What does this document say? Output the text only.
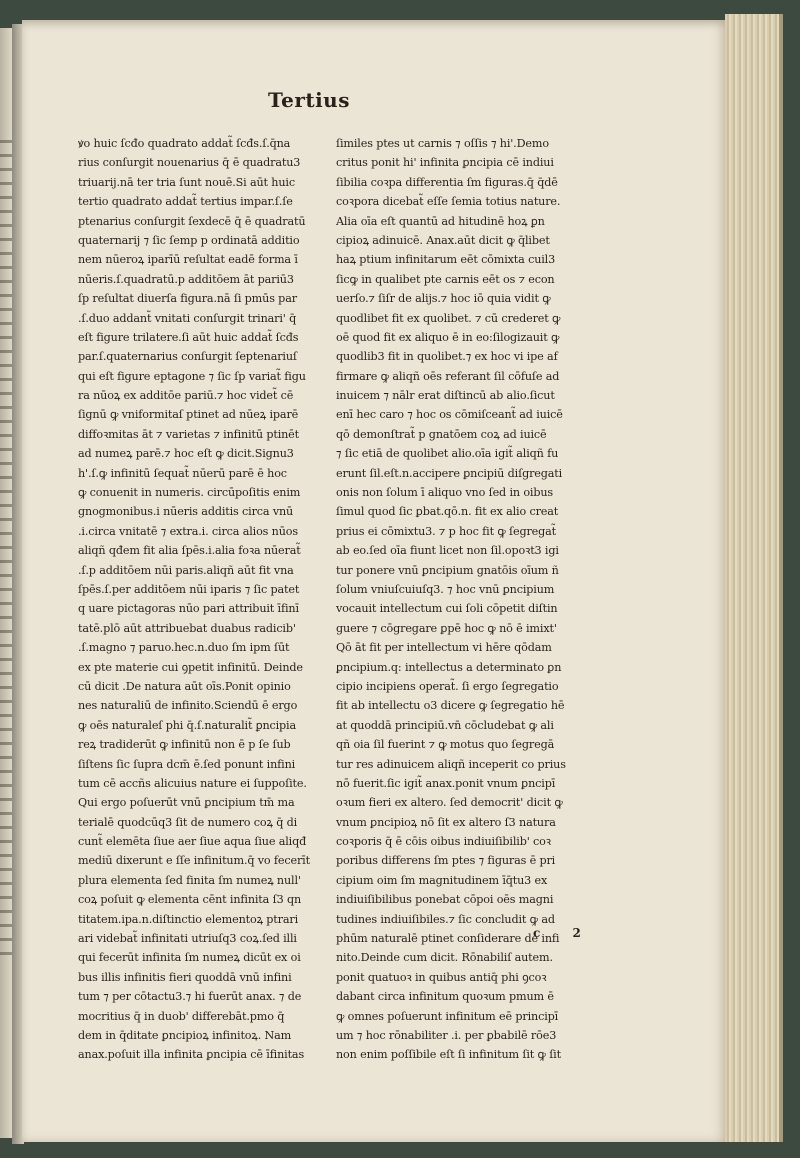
Tertius
ꝟo huic ſcđo quadrato addat̃ ſcđs.ſ.q̄na
rius conſurgit nouenarius q̄ ē quadratu3
triuarij.nā ter tria ſunt nouē.Si aūt huic
tertio quadrato addat̃ tertius impar.ſ.ſe
ptenarius conſurgit ſexdecē q̄ ē quadratū
quaternarij ⁊ ſic ſemp p ordinatā additio
nem nūeroꝝ iparīū reſultat eadē forma ī
nūeris.ſ.quadratū.p additōem āt pariū3
ſp reſultat diuerſa figura.nā ſi pmūs par
.ſ.duo addant̃ vnitati conſurgit trinari' q̄
eſt figure trilatere.ſi aūt huic addat̃ ſcđs
par.ſ.quaternarius conſurgit ſeptenariuſ
qui eſt figure eptagone ⁊ ſic ſp variat̃ figu
ra nūoꝝ ex additōe pariū.⁊ hoc videt̃ cē
ſignū ꝙ vniformitaſ ptinet ad nūeꝝ iparē
diffoꝛmitas āt ⁊ varietas ⁊ infinitū ptinēt
ad numeꝝ parē.⁊ hoc eſt ꝙ dicit.Signu3
h'.ſ.ꝙ infinitū ſequat̃ nūerū parē ē hoc
ꝙ conuenit in numeris. circūpoſitis enim
gnogmonibus.i nūeris additis circa vnū
.i.circa vnitatē ⁊ extra.i. circa alios nūos
aliqñ qđem fit alia ſpēs.i.alia foꝛa nūerat̃
.ſ.p additōem nūi paris.aliqñ aūt fit vna
ſpēs.ſ.per additōem nūi iparis ⁊ ſic patet
q uare pictagoras nūo pari attribuit īfinī
tatē.plō aūt attribuebat duabus radicib'
.ſ.magno ⁊ paruo.hec.n.duo ſm ipm ſūt
ex pte materie cui ꝯpetit infinitū. Deinde
cū dicit .De natura aūt oīs.Ponit opinio
nes naturaliū de infinito.Sciendū ē ergo
ꝙ oēs naturaleſ phi q̄.ſ.naturalit̃ ꝑncipia
reꝝ tradiderūt ꝙ infinitū non ē p ſe ſub
ſiſtens ſic ſupra dcm̄ ē.ſed ponunt infini
tum cē accñs alicuius nature ei ſuppoſite.
Qui ergo poſuerūt vnū ꝑncipium tm̄ ma
terialē quodcūq3 ſit de numero coꝝ q̄ di
cunt̃ elemēta ſiue aer ſiue aqua ſiue aliqđ
mediū dixerunt e ſſe infinitum.q̄ vo fecerīt
plura elementa ſed finita ſm numeꝝ null'
coꝝ poſuit ꝙ elementa cēnt infinita ſ3 qn
titatem.ipa.n.diſtinctio elementoꝝ ptrari
ari videbat̃ infinitati utriuſq3 coꝝ.ſed illi
qui fecerūt infinita ſm numeꝝ dicūt ex oi
bus illis infinitis fieri quoddā vnū infini
tum ⁊ per cōtactu3.⁊ hi fuerūt anax. ⁊ de
mocritius q̄ in duob' differebāt.pmo q̄
dem in q̄ditate ꝑncipioꝝ infinitoꝝ. Nam
anax.poſuit illa infinita ꝑncipia cē īfinitas
ſimiles ptes ut carnis ⁊ oſſis ⁊ hi'.Demo
critus ponit hi' infinita ꝑncipia cē indiui
ſibilia coꝛpa differentia ſm figuras.q̄ q̄dē
coꝛpora dicebat̃ eſſe ſemia totius nature.
Alia oīa eſt quantū ad hitudinē hoꝝ ꝑn
cipioꝝ adinuicē. Anax.aūt dicit ꝙ q̄libet
haꝝ ptium infinitarum eēt cōmixta cuil3
ſicꝙ in qualibet pte carnis eēt os ⁊ econ
uerſo.⁊ ſiſr de alijs.⁊ hoc iō quia vidit ꝙ
quodlibet fit ex quolibet. ⁊ cū crederet ꝙ
oē quod fit ex aliquo ē in eo:ſilogizauit ꝙ
quodlib3 fit in quolibet.⁊ ex hoc vi ipe af
firmare ꝙ aliqñ oēs referant ſil cōfuſe ad
inuicem ⁊ nālr erat diſtincū ab alio.ſicut
enī hec caro ⁊ hoc os cōmiſceant̃ ad iuicē
qō demonſtrat̃ p gnatōem coꝝ ad iuicē
⁊ ſic etiā de quolibet alio.oīa igit̃ aliqñ fu
erunt ſil.eſt.n.accipere ꝑncipiū diſgregati
onis non ſolum ī aliquo vno ſed in oibus
ſimul quod ſic ꝑbat.qō.n. fit ex alio creat
prius ei cōmixtu3. ⁊ p hoc fit ꝙ ſegregat̃
ab eo.ſed oīa fiunt licet non ſil.opoꝛt3 igi
tur ponere vnū ꝑncipium gnatōis oīum ñ
ſolum vniuſcuiuſq3. ⁊ hoc vnū ꝑncipium
vocauit intellectum cui ſoli cōpetit diſtin
guere ⁊ cōgregare ꝑpē hoc ꝙ nō ē imixt'
Qō āt fit per intellectum vi hēre qōdam
ꝑncipium.q: intellectus a determinato ꝑn
cipio incipiens operat̃. ſi ergo ſegregatio
fit ab intellectu o3 dicere ꝙ ſegregatio hē
at quoddā principiū.vn̄ cōcludebat ꝙ ali
qñ oia ſil fuerint ⁊ ꝙ motus quo ſegregā
tur res adinuicem aliqñ inceperit co prius
nō fuerit.ſic igit̃ anax.ponit vnum ꝑncipī
oꝛum fieri ex altero. ſed democrit' dicit ꝙ
vnum ꝑncipioꝝ nō ſit ex altero ſ3 natura
coꝛporis q̄ ē cōis oibus indiuiſibilib' coꝛ
poribus differens ſm ptes ⁊ figuras ē pri
cipium oim ſm magnitudinem īq̄tu3 ex
indiuiſibilibus ponebat cōpoi oēs magni
tudines indiuiſibiles.⁊ ſic concludit ꝙ ad
phūm naturalē ptinet conſiderare de infi
nito.Deinde cum dicit. Rōnabiliſ autem.
ponit quatuoꝛ in quibus antiq̄ phi ꝯcoꝛ
dabant circa infinitum quoꝛum pmum ē
ꝙ omnes poſuerunt infinitum eē principī
um ⁊ hoc rōnabiliter .i. per ꝑbabilē rōe3
non enim poſſibile eſt ſi infinitum ſit ꝙ ſit
c 2
